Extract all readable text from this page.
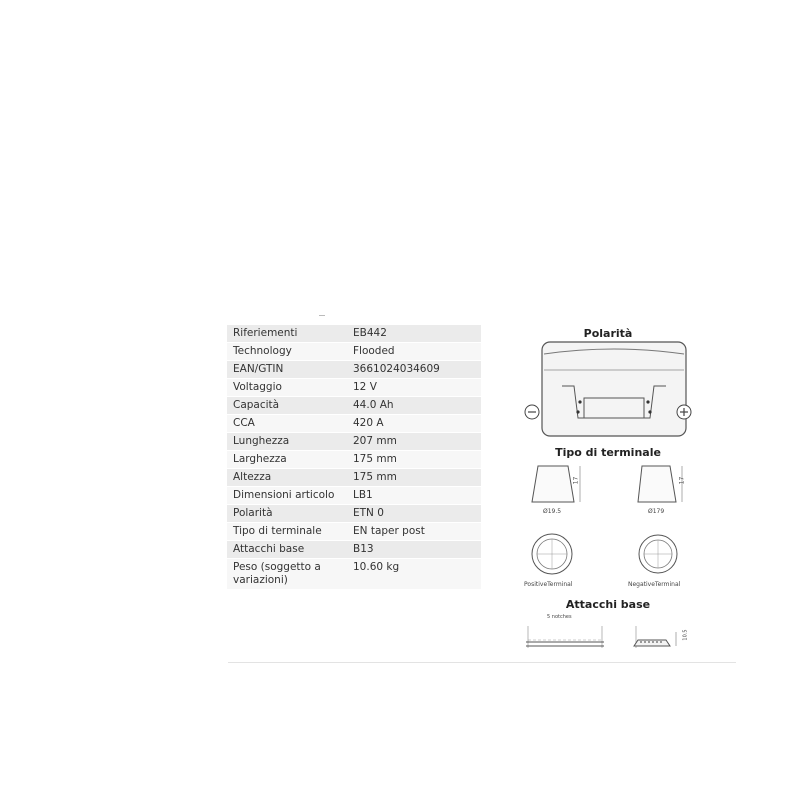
Riferiementi	EB442
Technology	Flooded
EAN/GTIN	3661024034609
Voltaggio	12 V
Capacità	44.0 Ah
CCA	420 A
Lunghezza	207 mm
Larghezza	175 mm
Altezza	175 mm
Dimensioni articolo	LB1
Polarità	ETN 0
Tipo di terminale	EN taper post
Attacchi base	B13
Peso (soggetto a variazioni)	10.60 kg
Polarità
Tipo di terminale
17
Ø19.5
17
Ø179
PositiveTerminal	NegativeTerminal
Attacchi base
5 notches
10.5
